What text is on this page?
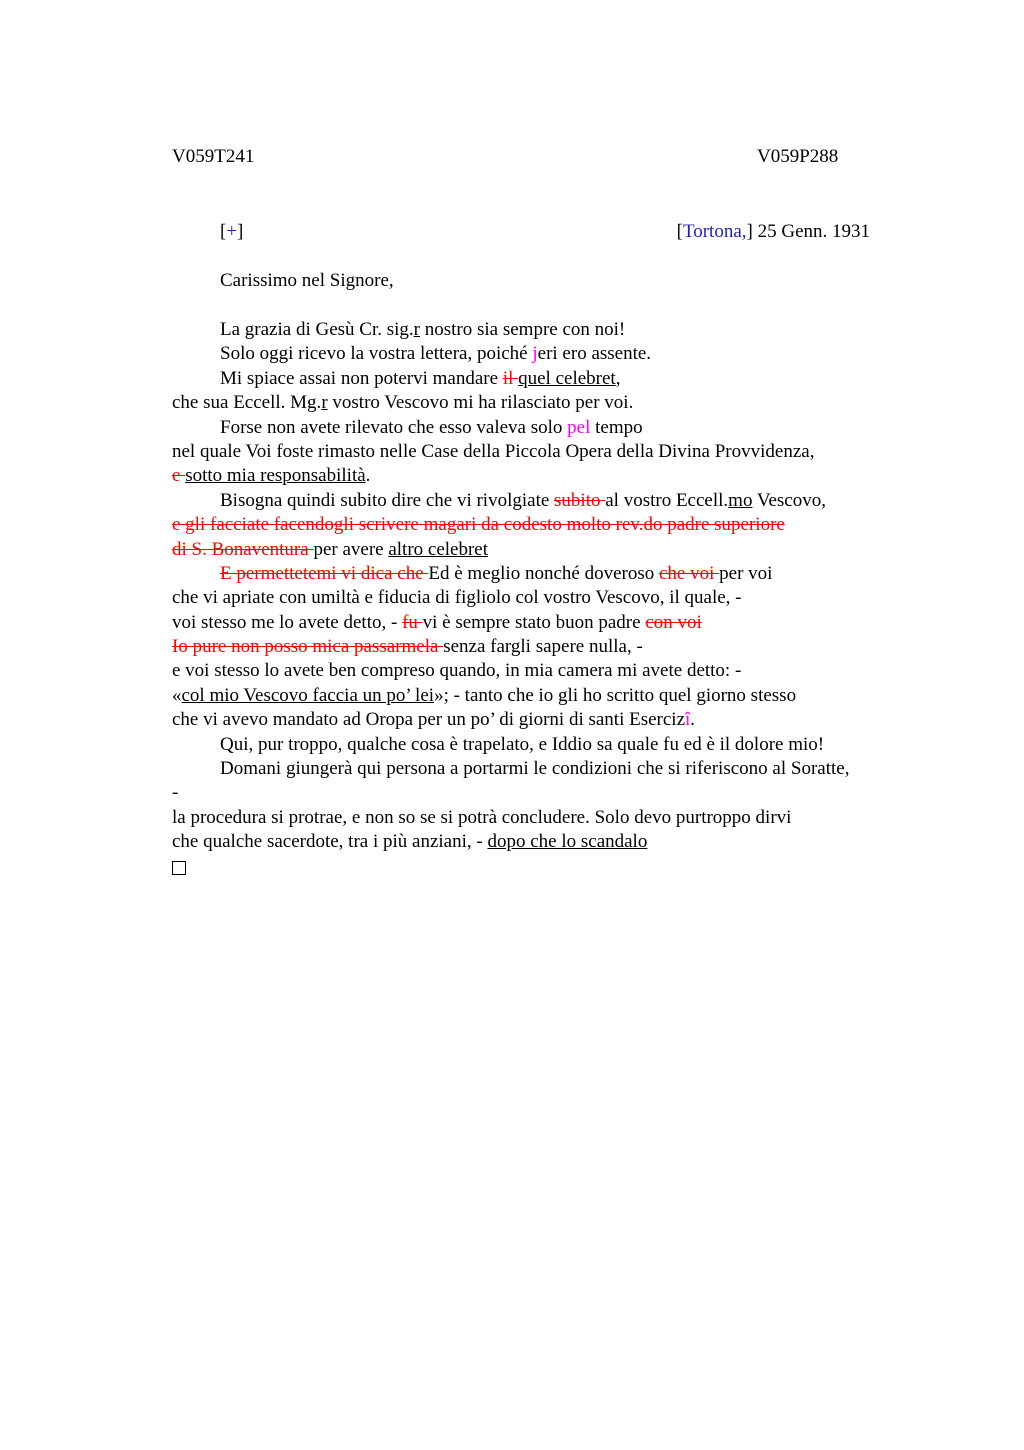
V059T241	V059P288
[+]	[Tortona,] 25 Genn. 1931
Carissimo nel Signore,
La grazia di Gesù Cr. sig.r nostro sia sempre con noi!
Solo oggi ricevo la vostra lettera, poiché jeri ero assente.
Mi spiace assai non potervi mandare il quel celebret,
che sua Eccell. Mg.r vostro Vescovo mi ha rilasciato per voi.
Forse non avete rilevato che esso valeva solo pel tempo
nel quale Voi foste rimasto nelle Case della Piccola Opera della Divina Provvidenza,
e sotto mia responsabilità.
Bisogna quindi subito dire che vi rivolgiate subito al vostro Eccell.mo Vescovo,
e gli facciate facendogli scrivere magari da codesto molto rev.do padre superiore
di S. Bonaventura per avere altro celebret
E permettetemi vi dica che Ed è meglio nonché doveroso che voi per voi
che vi apriate con umiltà e fiducia di figliolo col vostro Vescovo, il quale, -
voi stesso me lo avete detto, - fu vi è sempre stato buon padre con voi
Io pure non posso mica passarmela senza fargli sapere nulla, -
e voi stesso lo avete ben compreso quando, in mia camera mi avete detto: -
«col mio Vescovo faccia un po’ lei»; - tanto che io gli ho scritto quel giorno stesso
che vi avevo mandato ad Oropa per un po’ di giorni di santi Esercizî.
Qui, pur troppo, qualche cosa è trapelato, e Iddio sa quale fu ed è il dolore mio!
Domani giungerà qui persona a portarmi le condizioni che si riferiscono al Soratte,
-
la procedura si protrae, e non so se si potrà concludere. Solo devo purtroppo dirvi
che qualche sacerdote, tra i più anziani, - dopo che lo scandalo
